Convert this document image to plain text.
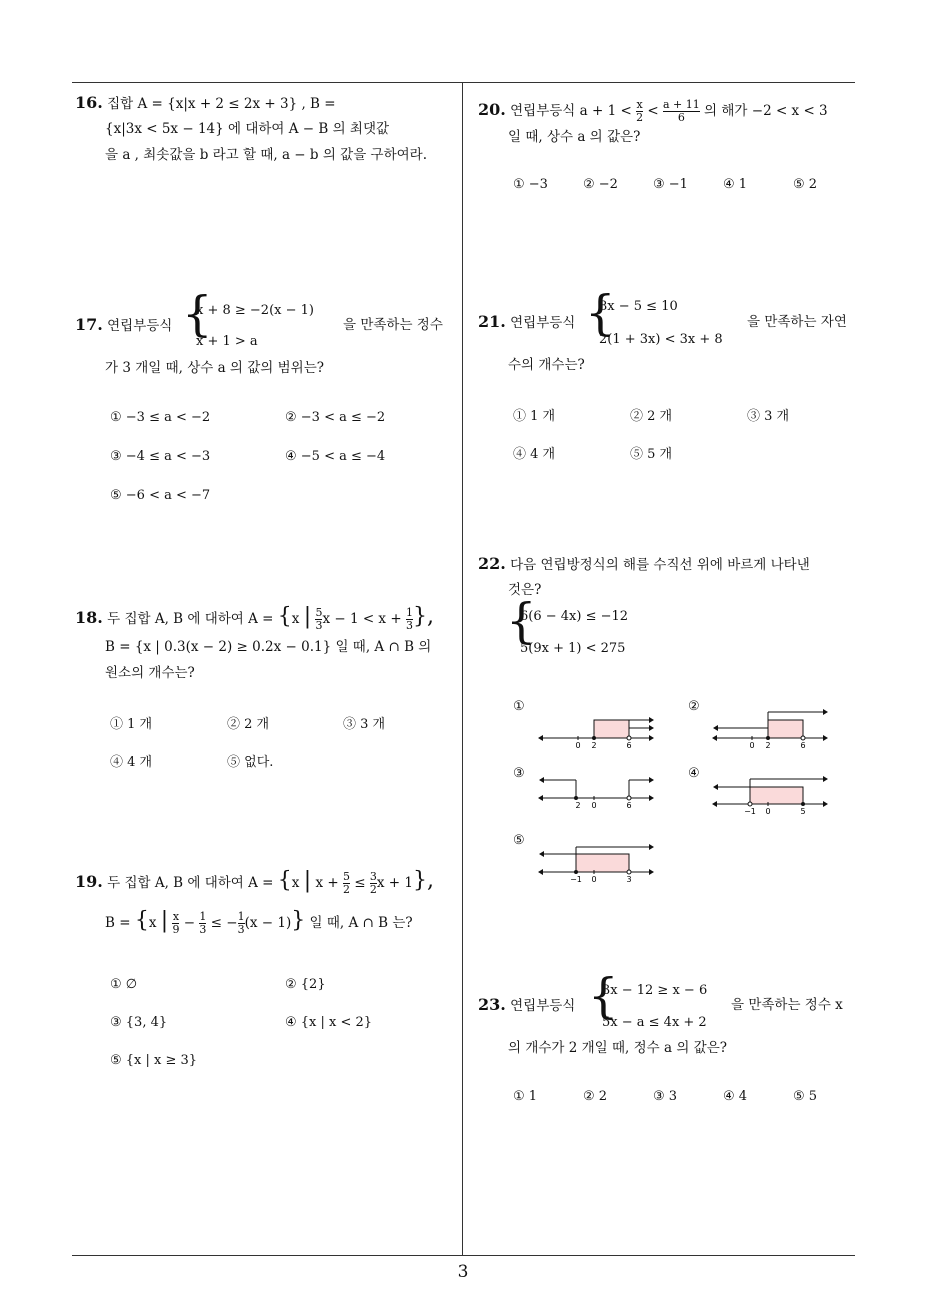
16. 집합 A = {x|x + 2 ≤ 2x + 3} , B =
{x|3x < 5x − 14} 에 대하여 A − B 의 최댓값
을 a , 최솟값을 b 라고 할 때, a − b 의 값을 구하여라.
17. 연립부등식 {
x + 8 ≥ −2(x − 1)
x + 1 > a
을 만족하는 정수
가 3 개일 때, 상수 a 의 값의 범위는?
① −3 ≤ a < −2	② −3 < a ≤ −2
③ −4 ≤ a < −3	④ −5 < a ≤ −4
⑤ −6 < a < −7
18. 두 집합 A, B 에 대하여 A = {x | $\frac{5}{3}$ $x - 1 < x + \frac{1}{3}$ },
B = {x | 0.3(x − 2) ≥ 0.2x − 0.1} 일 때, A ∩ B 의
원소의 개수는?
① 1 개	② 2 개	③ 3 개
④ 4 개	⑤ 없다.
19. 두 집합 A, B 에 대하여 A = {x | $x + \frac{5}{2} \le \frac{3}{2}$ x + 1},
B = {x | $\frac{x}{9} - \frac{1}{3}$ ≤ − $\frac{1}{3} (x - 1)$} 일 때, A ∩ B 는?
① ∅	② {2}
③ {3, 4}	④ {x | x < 2}
⑤ {x | x ≥ 3}
20. 연립부등식 $a + 1 < \frac{x}{2} < \frac{a + 11}{6}$ 의 해가 −2 < x < 3
일 때, 상수 a 의 값은?
① −3	② −2	③ −1	④ 1	⑤ 2
21. 연립부등식 {
8x − 5 ≤ 10
2(1 + 3x) < 3x + 8
을 만족하는 자연
수의 개수는?
① 1 개	② 2 개	③ 3 개
④ 4 개	⑤ 5 개
22. 다음 연립방정식의 해를 수직선 위에 바르게 나타낸
것은?
{
6(6 − 4x) ≤ −12
5(9x + 1) < 275
①	②
③	④
⑤
0 2	6	0 2	6
2 0	6
−1 0	5
−1 0	3
23. 연립부등식 {
3x − 12 ≥ x − 6
5x − a ≤ 4x + 2
을 만족하는 정수 x
의 개수가 2 개일 때, 정수 a 의 값은?
① 1	② 2	③ 3	④ 4	⑤ 5
3
